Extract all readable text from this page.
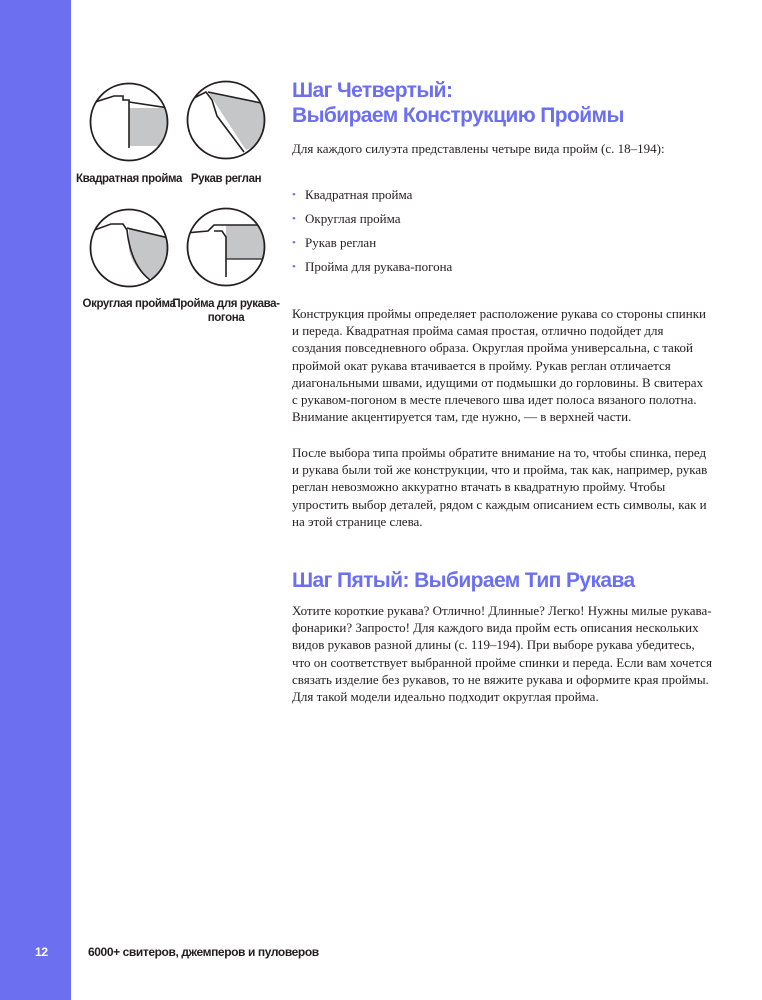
Квадратная пройма Рукав реглан
Округлая пройма
Пройма для рукава-погона
Шаг Четвертый:
Выбираем Конструкцию Проймы

Для каждого силуэта представлены четыре вида пройм (с. 18–194):

• Квадратная пройма
• Округлая пройма
• Рукав реглан
• Пройма для рукава-погона

Конструкция проймы определяет расположение рукава со стороны спинки и переда. Квадратная пройма самая простая, отлично подойдет для создания повседневного образа. Округлая пройма универсальна, с такой проймой окат рукава втачивается в пройму. Рукав реглан отличается диагональными швами, идущими от подмышки до горловины. В свитерах с рукавом-погоном в месте плечевого шва идет полоса вязаного полотна. Внимание акцентируется там, где нужно, — в верхней части.

После выбора типа проймы обратите внимание на то, чтобы спинка, перед и рукава были той же конструкции, что и пройма, так как, например, рукав реглан невозможно аккуратно втачать в квадратную пройму. Чтобы упростить выбор деталей, рядом с каждым описанием есть символы, как и на этой странице слева.

Шаг Пятый: Выбираем Тип Рукава

Хотите короткие рукава? Отлично! Длинные? Легко! Нужны милые рукава-фонарики? Запросто! Для каждого вида пройм есть описания нескольких видов рукавов разной длины (с. 119–194). При выборе рукава убедитесь, что он соответствует выбранной пройме спинки и переда. Если вам хочется связать изделие без рукавов, то не вяжите рукава и оформите края проймы. Для такой модели идеально подходит округлая пройма.

12	6000+ свитеров, джемперов и пуловеров
